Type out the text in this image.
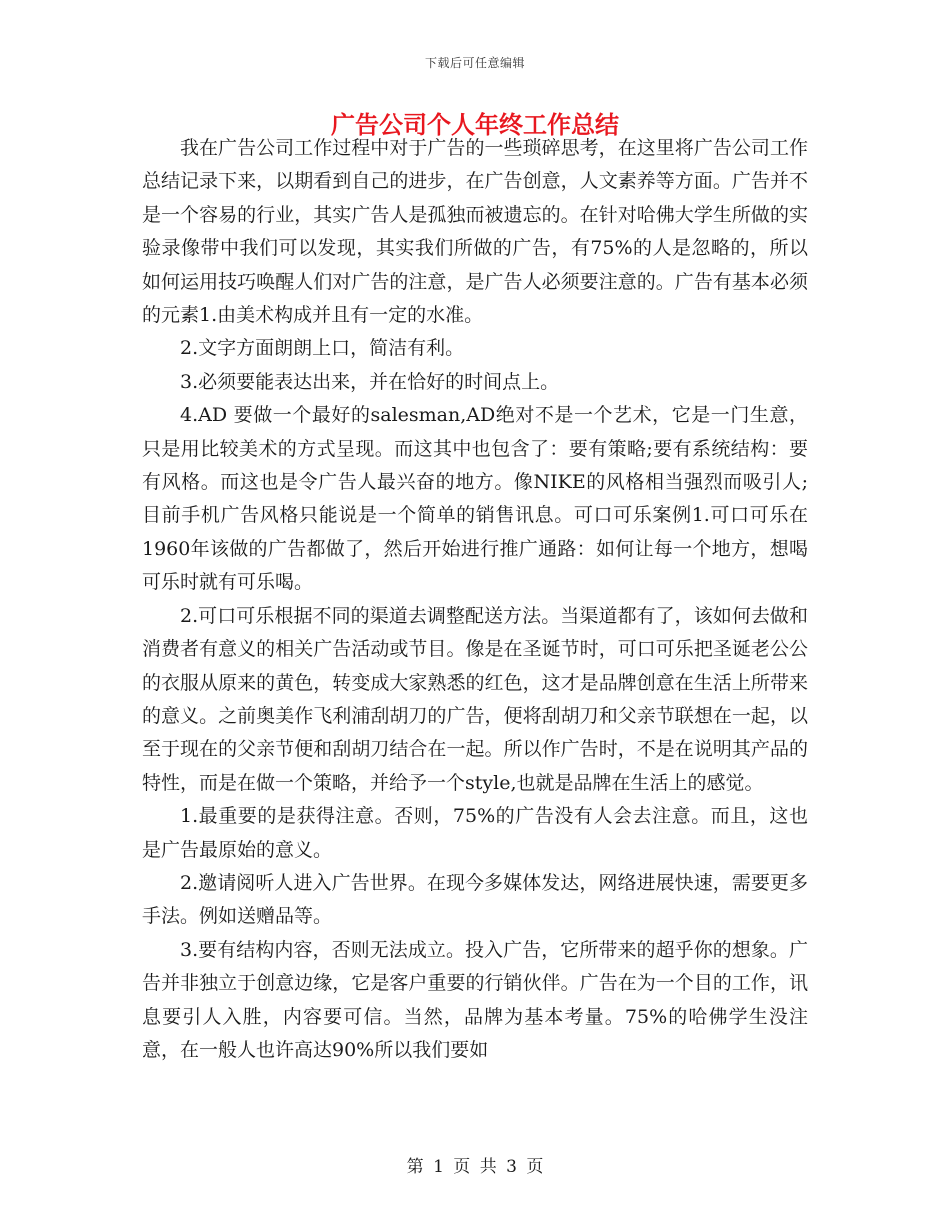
下载后可任意编辑
广告公司个人年终工作总结

我在广告公司工作过程中对于广告的一些琐碎思考，在这里将广告公司工作总结记录下来，以期看到自己的进步，在广告创意，人文素养等方面。广告并不是一个容易的行业，其实广告人是孤独而被遗忘的。在针对哈佛大学生所做的实验录像带中我们可以发现，其实我们所做的广告，有75%的人是忽略的，所以如何运用技巧唤醒人们对广告的注意，是广告人必须要注意的。广告有基本必须的元素1.由美术构成并且有一定的水准。

2.文字方面朗朗上口，简洁有利。

3.必须要能表达出来，并在恰好的时间点上。

4.AD 要做一个最好的salesman,AD绝对不是一个艺术，它是一门生意，只是用比较美术的方式呈现。而这其中也包含了：要有策略;要有系统结构：要有风格。而这也是令广告人最兴奋的地方。像NIKE的风格相当强烈而吸引人;目前手机广告风格只能说是一个简单的销售讯息。可口可乐案例1.可口可乐在1960年该做的广告都做了，然后开始进行推广通路：如何让每一个地方，想喝可乐时就有可乐喝。

2.可口可乐根据不同的渠道去调整配送方法。当渠道都有了，该如何去做和消费者有意义的相关广告活动或节目。像是在圣诞节时，可口可乐把圣诞老公公的衣服从原来的黄色，转变成大家熟悉的红色，这才是品牌创意在生活上所带来的意义。之前奥美作飞利浦刮胡刀的广告，便将刮胡刀和父亲节联想在一起，以至于现在的父亲节便和刮胡刀结合在一起。所以作广告时，不是在说明其产品的特性，而是在做一个策略，并给予一个style,也就是品牌在生活上的感觉。

1.最重要的是获得注意。否则，75%的广告没有人会去注意。而且，这也是广告最原始的意义。

2.邀请阅听人进入广告世界。在现今多媒体发达，网络进展快速，需要更多手法。例如送赠品等。

3.要有结构内容，否则无法成立。投入广告，它所带来的超乎你的想象。广告并非独立于创意边缘，它是客户重要的行销伙伴。广告在为一个目的工作，讯息要引人入胜，内容要可信。当然，品牌为基本考量。75%的哈佛学生没注意，在一般人也许高达90%所以我们要如

第 1 页 共 3 页
